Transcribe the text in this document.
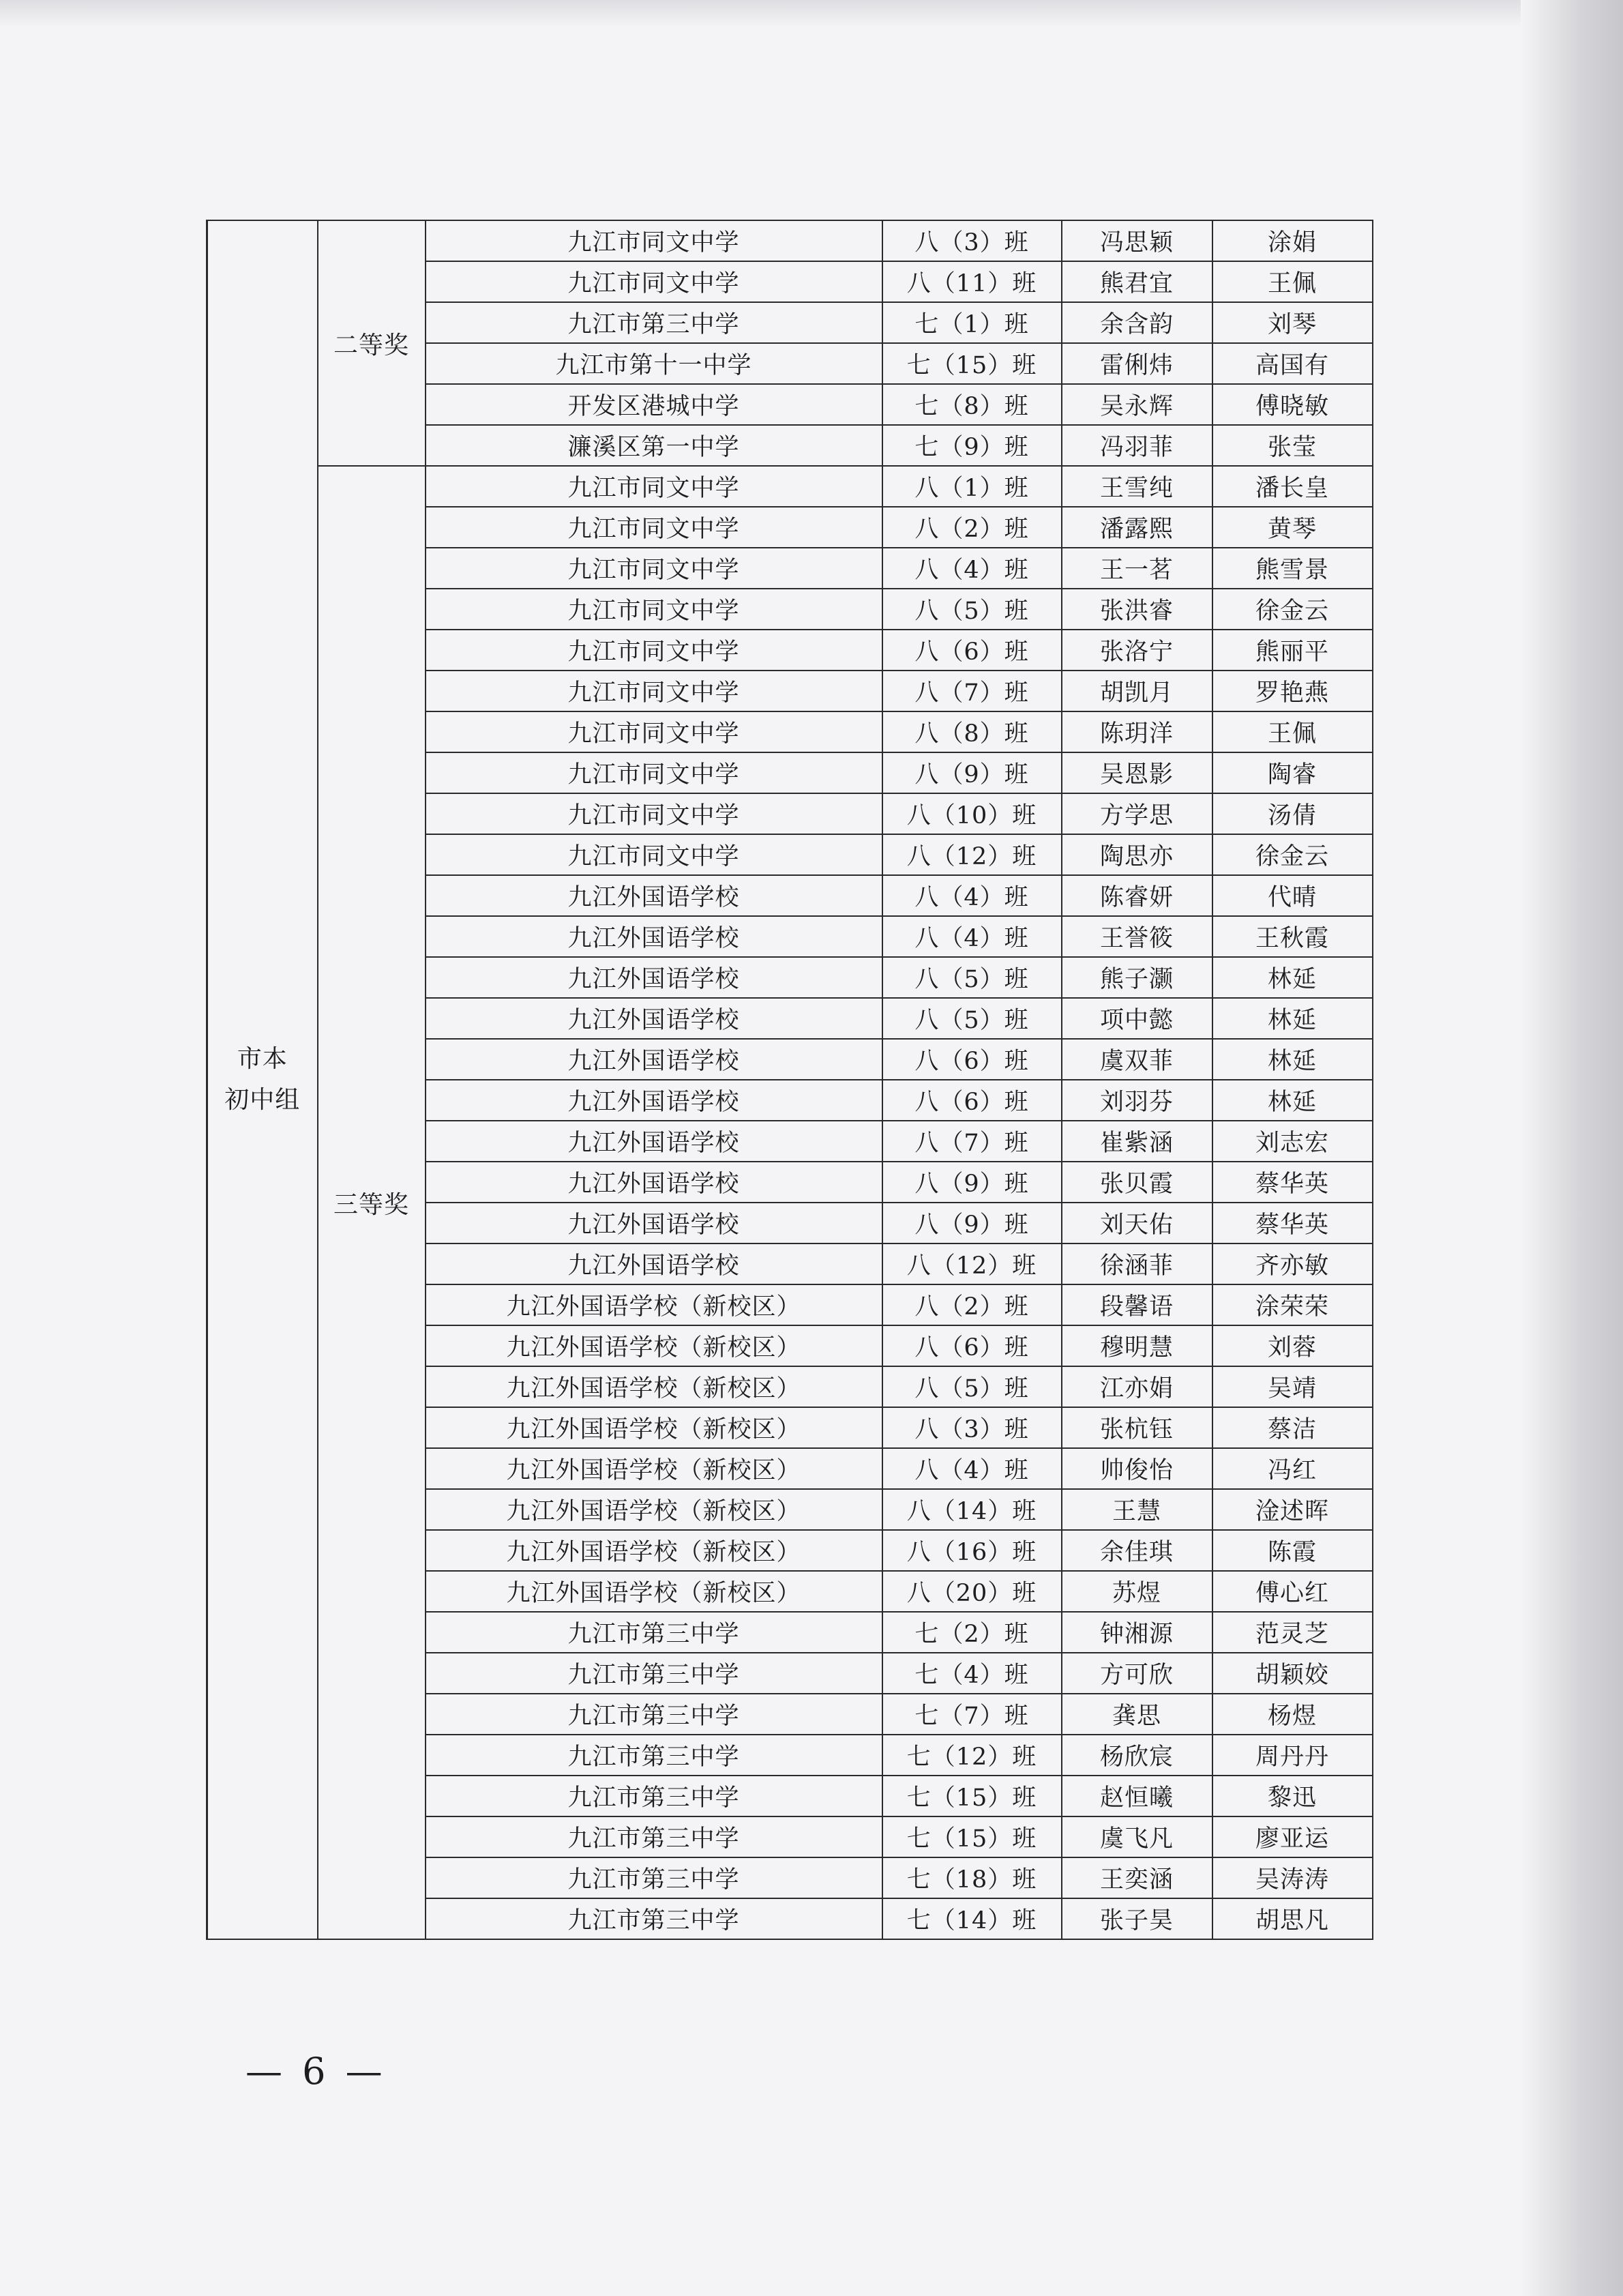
市本
初中组	二等奖	九江市同文中学	八（3）班	冯思颖	涂娟
		九江市同文中学	八（11）班	熊君宜	王佩
		九江市第三中学	七（1）班	余含韵	刘琴
		九江市第十一中学	七（15）班	雷俐炜	高国有
		开发区港城中学	七（8）班	吴永辉	傅晓敏
		濂溪区第一中学	七（9）班	冯羽菲	张莹
	三等奖	九江市同文中学	八（1）班	王雪纯	潘长皇
		九江市同文中学	八（2）班	潘露熙	黄琴
		九江市同文中学	八（4）班	王一茗	熊雪景
		九江市同文中学	八（5）班	张洪睿	徐金云
		九江市同文中学	八（6）班	张洛宁	熊丽平
		九江市同文中学	八（7）班	胡凯月	罗艳燕
		九江市同文中学	八（8）班	陈玥洋	王佩
		九江市同文中学	八（9）班	吴恩影	陶睿
		九江市同文中学	八（10）班	方学思	汤倩
		九江市同文中学	八（12）班	陶思亦	徐金云
		九江外国语学校	八（4）班	陈睿妍	代晴
		九江外国语学校	八（4）班	王誉筱	王秋霞
		九江外国语学校	八（5）班	熊子灏	林延
		九江外国语学校	八（5）班	项中懿	林延
		九江外国语学校	八（6）班	虞双菲	林延
		九江外国语学校	八（6）班	刘羽芬	林延
		九江外国语学校	八（7）班	崔紫涵	刘志宏
		九江外国语学校	八（9）班	张贝霞	蔡华英
		九江外国语学校	八（9）班	刘天佑	蔡华英
		九江外国语学校	八（12）班	徐涵菲	齐亦敏
		九江外国语学校（新校区）	八（2）班	段馨语	涂荣荣
		九江外国语学校（新校区）	八（6）班	穆明慧	刘蓉
		九江外国语学校（新校区）	八（5）班	江亦娟	吴靖
		九江外国语学校（新校区）	八（3）班	张杭钰	蔡洁
		九江外国语学校（新校区）	八（4）班	帅俊怡	冯红
		九江外国语学校（新校区）	八（14）班	王慧	淦述晖
		九江外国语学校（新校区）	八（16）班	余佳琪	陈霞
		九江外国语学校（新校区）	八（20）班	苏煜	傅心红
		九江市第三中学	七（2）班	钟湘源	范灵芝
		九江市第三中学	七（4）班	方可欣	胡颖姣
		九江市第三中学	七（7）班	龚思	杨煜
		九江市第三中学	七（12）班	杨欣宸	周丹丹
		九江市第三中学	七（15）班	赵恒曦	黎迅
		九江市第三中学	七（15）班	虞飞凡	廖亚运
		九江市第三中学	七（18）班	王奕涵	吴涛涛
		九江市第三中学	七（14）班	张子昊	胡思凡
— 6 —
